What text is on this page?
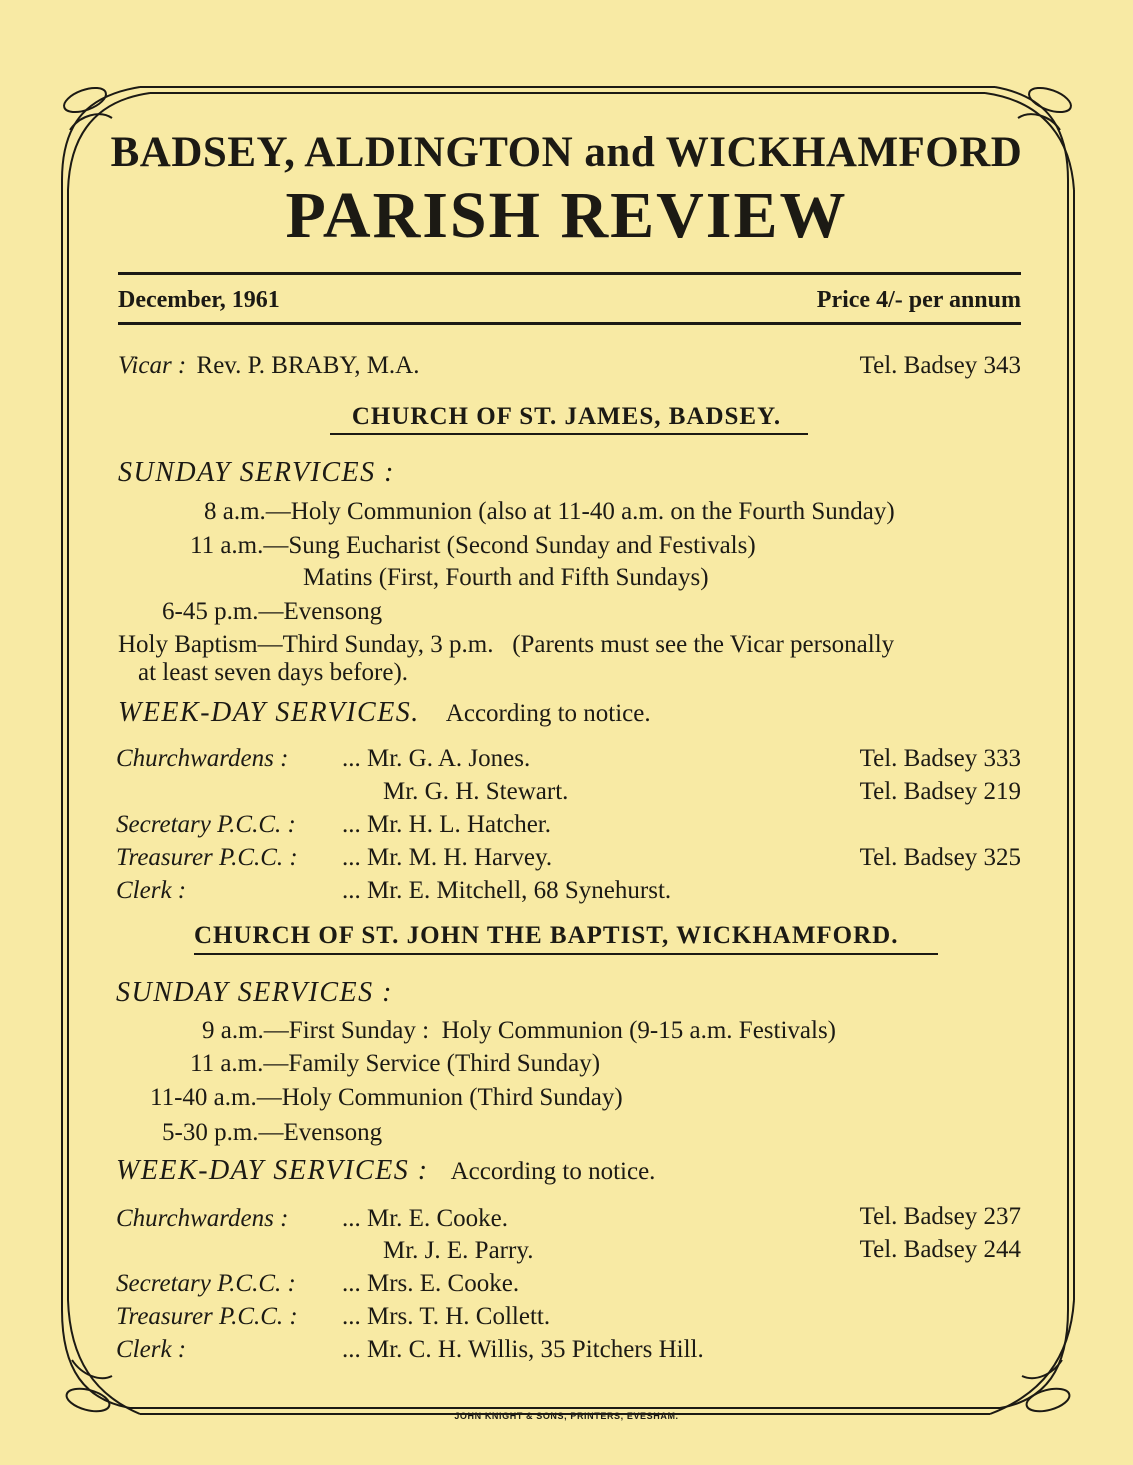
BADSEY, ALDINGTON and WICKHAMFORD
PARISH REVIEW
December, 1961	Price 4/- per annum
Vicar : Rev. P. BRABY, M.A.	Tel. Badsey 343
CHURCH OF ST. JAMES, BADSEY.
SUNDAY SERVICES :
8 a.m.—Holy Communion (also at 11-40 a.m. on the Fourth Sunday)
11 a.m.—Sung Eucharist (Second Sunday and Festivals)
Matins (First, Fourth and Fifth Sundays)
6-45 p.m.—Evensong
Holy Baptism—Third Sunday, 3 p.m.   (Parents must see the Vicar personally
at least seven days before).
WEEK-DAY SERVICES. According to notice.
Churchwardens : ... Mr. G. A. Jones.	Tel. Badsey 333
Mr. G. H. Stewart.	Tel. Badsey 219
Secretary P.C.C. : ... Mr. H. L. Hatcher.
Treasurer P.C.C. : ... Mr. M. H. Harvey.	Tel. Badsey 325
Clerk :	... Mr. E. Mitchell, 68 Synehurst.
CHURCH OF ST. JOHN THE BAPTIST, WICKHAMFORD.
SUNDAY SERVICES :
9 a.m.—First Sunday :  Holy Communion (9-15 a.m. Festivals)
11 a.m.—Family Service (Third Sunday)
11-40 a.m.—Holy Communion (Third Sunday)
5-30 p.m.—Evensong
WEEK-DAY SERVICES : According to notice.
Churchwardens : ... Mr. E. Cooke.	Tel. Badsey 237
Mr. J. E. Parry.	Tel. Badsey 244
Secretary P.C.C. : ... Mrs. E. Cooke.
Treasurer P.C.C. : ... Mrs. T. H. Collett.
Clerk :	... Mr. C. H. Willis, 35 Pitchers Hill.
JOHN KNIGHT & SONS, PRINTERS, EVESHAM.
